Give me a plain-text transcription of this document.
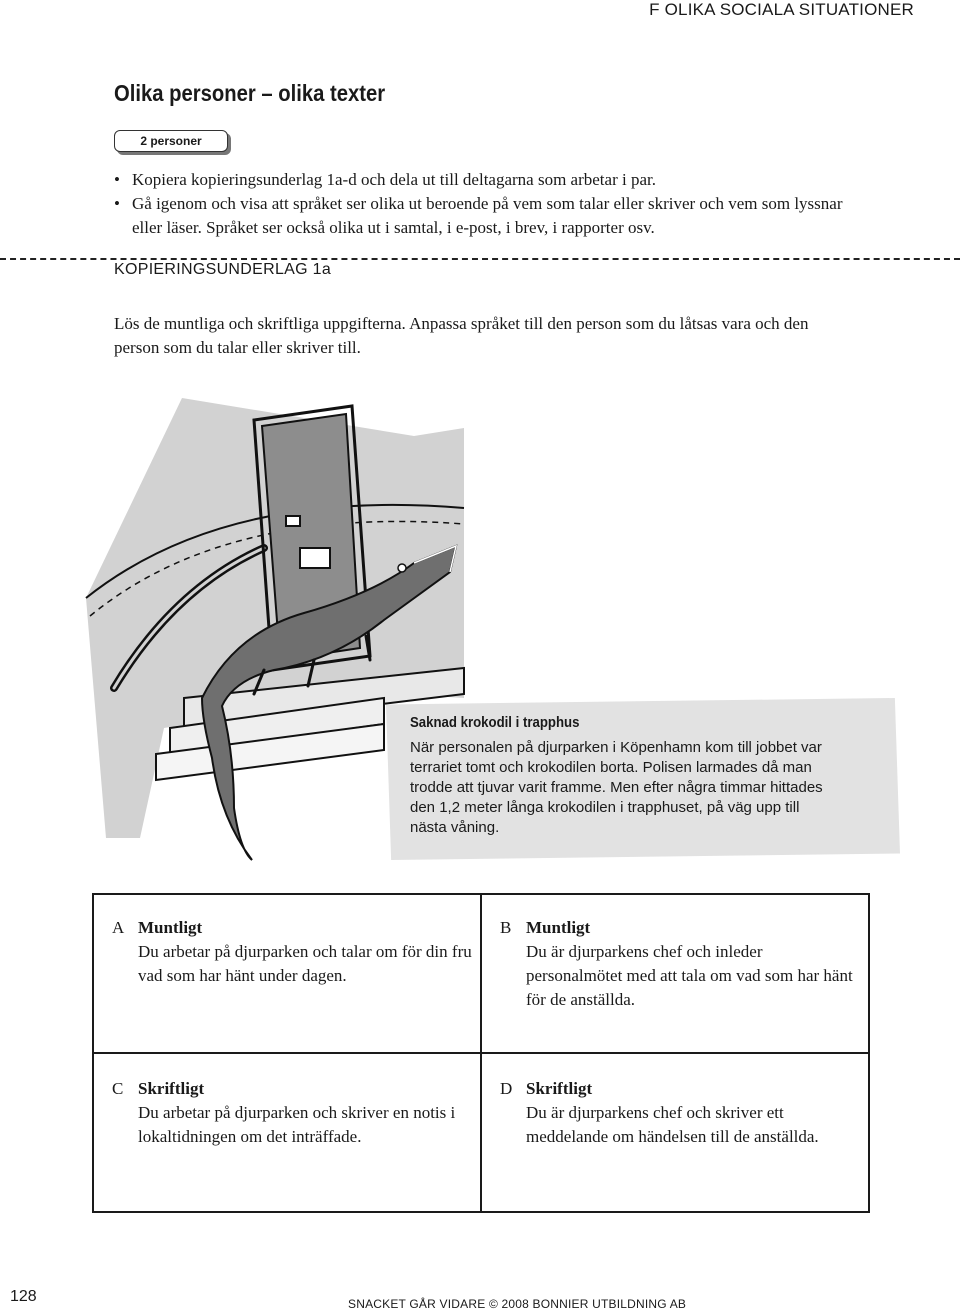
F OLIKA SOCIALA SITUATIONER
Olika personer – olika texter
2 personer
• Kopiera kopieringsunderlag 1a-d och dela ut till deltagarna som arbetar i par.
• Gå igenom och visa att språket ser olika ut beroende på vem som talar eller skriver och vem som lyssnar eller läser. Språket ser också olika ut i samtal, i e-post, i brev, i rapporter osv.
KOPIERINGSUNDERLAG 1a

Lös de muntliga och skriftliga uppgifterna. Anpassa språket till den person som du låtsas vara och den person som du talar eller skriver till.

Saknad krokodil i trapphus

När personalen på djurparken i Köpenhamn kom till jobbet var terrariet tomt och krokodilen borta. Polisen larmades då man trodde att tjuvar varit framme. Men efter några timmar hittades den 1,2 meter långa krokodilen i trapphuset, på väg upp till nästa våning.

A Muntligt
Du arbetar på djurparken och talar om för din fru vad som har hänt under dagen.
B Muntligt
Du är djurparkens chef och inleder personalmötet med att tala om vad som har hänt för de anställda.
C Skriftligt
Du arbetar på djurparken och skriver en notis i lokaltidningen om det inträffade.
D Skriftligt
Du är djurparkens chef och skriver ett meddelande om händelsen till de anställda.
128	SNACKET GÅR VIDARE © 2008 BONNIER UTBILDNING AB
